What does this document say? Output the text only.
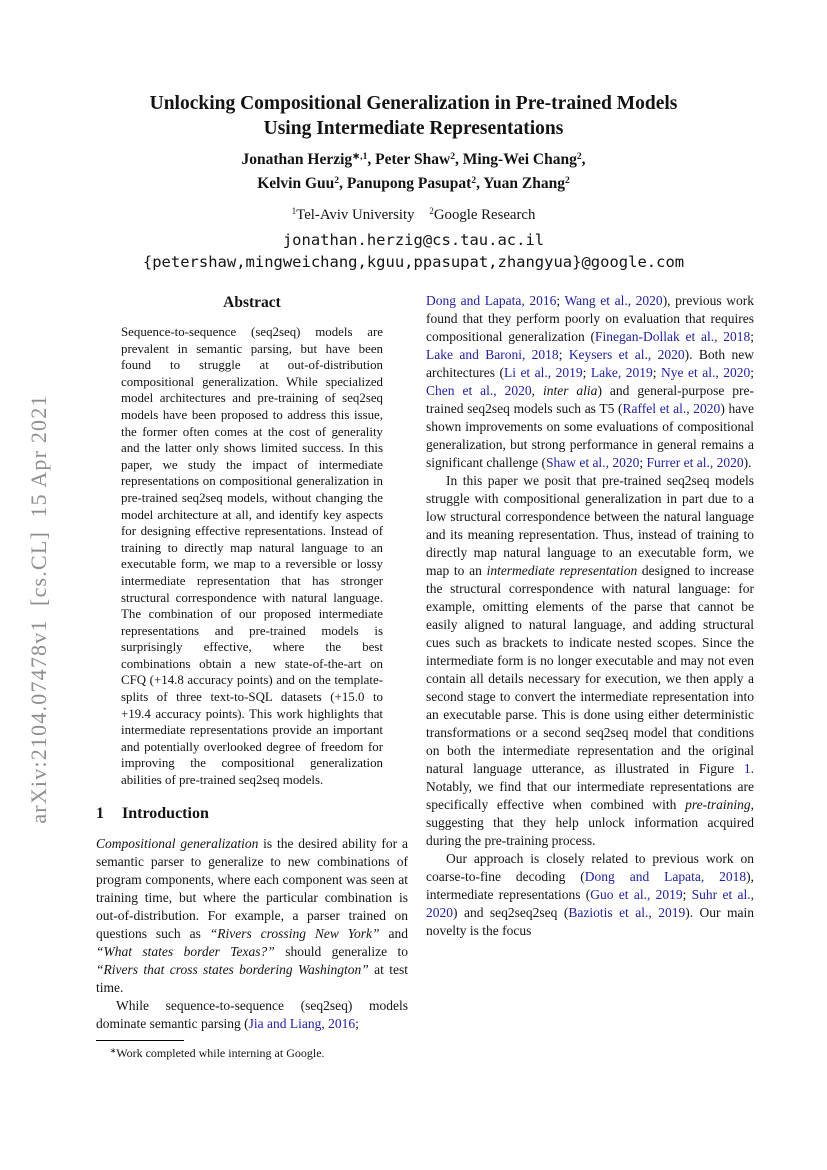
arXiv:2104.07478v1  [cs.CL]  15 Apr 2021
Unlocking Compositional Generalization in Pre-trained Models
Using Intermediate Representations
Jonathan Herzig$^{∗,1}$, Peter Shaw$^2$, Ming-Wei Chang$^2$,
Kelvin Guu$^2$, Panupong Pasupat$^2$, Yuan Zhang$^2$
$^1$Tel-Aviv University $^2$Google Research
jonathan.herzig@cs.tau.ac.il
{petershaw,mingweichang,kguu,ppasupat,zhangyua}@google.com
Abstract
Sequence-to-sequence (seq2seq) models are prevalent in semantic parsing, but have been found to struggle at out-of-distribution compositional generalization. While specialized model architectures and pre-training of seq2seq models have been proposed to address this issue, the former often comes at the cost of generality and the latter only shows limited success. In this paper, we study the impact of intermediate representations on compositional generalization in pre-trained seq2seq models, without changing the model architecture at all, and identify key aspects for designing effective representations. Instead of training to directly map natural language to an executable form, we map to a reversible or lossy intermediate representation that has stronger structural correspondence with natural language. The combination of our proposed intermediate representations and pre-trained models is surprisingly effective, where the best combinations obtain a new state-of-the-art on CFQ (+14.8 accuracy points) and on the template-splits of three text-to-SQL datasets (+15.0 to +19.4 accuracy points). This work highlights that intermediate representations provide an important and potentially overlooked degree of freedom for improving the compositional generalization abilities of pre-trained seq2seq models.
1 Introduction

Compositional generalization is the desired ability for a semantic parser to generalize to new combinations of program components, where each component was seen at training time, but where the particular combination is out-of-distribution. For example, a parser trained on questions such as “Rivers crossing New York” and “What states border Texas?” should generalize to “Rivers that cross states bordering Washington” at test time.

While sequence-to-sequence (seq2seq) models dominate semantic parsing (Jia and Liang, 2016;

Dong and Lapata, 2016; Wang et al., 2020), previous work found that they perform poorly on evaluation that requires compositional generalization (Finegan-Dollak et al., 2018; Lake and Baroni, 2018; Keysers et al., 2020). Both new architectures (Li et al., 2019; Lake, 2019; Nye et al., 2020; Chen et al., 2020, inter alia) and general-purpose pre-trained seq2seq models such as T5 (Raffel et al., 2020) have shown improvements on some evaluations of compositional generalization, but strong performance in general remains a significant challenge (Shaw et al., 2020; Furrer et al., 2020).

In this paper we posit that pre-trained seq2seq models struggle with compositional generalization in part due to a low structural correspondence between the natural language and its meaning representation. Thus, instead of training to directly map natural language to an executable form, we map to an intermediate representation designed to increase the structural correspondence with natural language: for example, omitting elements of the parse that cannot be easily aligned to natural language, and adding structural cues such as brackets to indicate nested scopes. Since the intermediate form is no longer executable and may not even contain all details necessary for execution, we then apply a second stage to convert the intermediate representation into an executable parse. This is done using either deterministic transformations or a second seq2seq model that conditions on both the intermediate representation and the original natural language utterance, as illustrated in Figure 1. Notably, we find that our intermediate representations are specifically effective when combined with pre-training, suggesting that they help unlock information acquired during the pre-training process.

Our approach is closely related to previous work on coarse-to-fine decoding (Dong and Lapata, 2018), intermediate representations (Guo et al., 2019; Suhr et al., 2020) and seq2seq2seq (Baziotis et al., 2019). Our main novelty is the focus

∗Work completed while interning at Google.
